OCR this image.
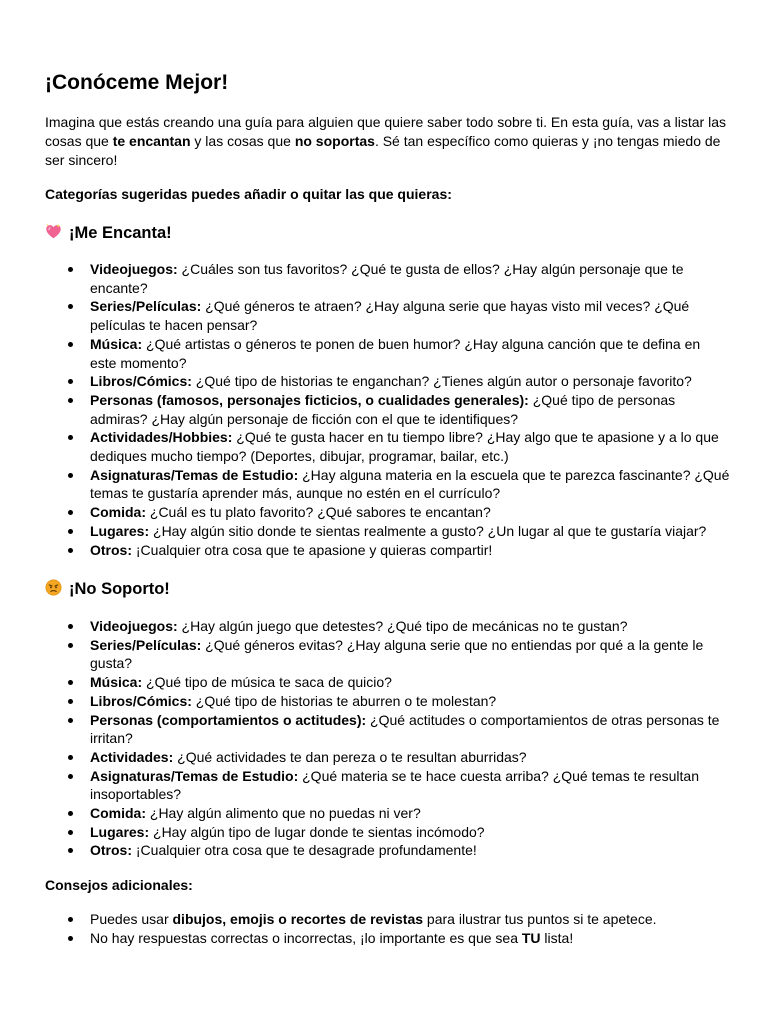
¡Conóceme Mejor!

Imagina que estás creando una guía para alguien que quiere saber todo sobre ti. En esta guía, vas a listar las cosas que te encantan y las cosas que no soportas. Sé tan específico como quieras y ¡no tengas miedo de ser sincero!

Categorías sugeridas puedes añadir o quitar las que quieras:

¡Me Encanta!
Videojuegos: ¿Cuáles son tus favoritos? ¿Qué te gusta de ellos? ¿Hay algún personaje que te encante?
Series/Películas: ¿Qué géneros te atraen? ¿Hay alguna serie que hayas visto mil veces? ¿Qué películas te hacen pensar?
Música: ¿Qué artistas o géneros te ponen de buen humor? ¿Hay alguna canción que te defina en este momento?
Libros/Cómics: ¿Qué tipo de historias te enganchan? ¿Tienes algún autor o personaje favorito?
Personas (famosos, personajes ficticios, o cualidades generales): ¿Qué tipo de personas admiras? ¿Hay algún personaje de ficción con el que te identifiques?
Actividades/Hobbies: ¿Qué te gusta hacer en tu tiempo libre? ¿Hay algo que te apasione y a lo que dediques mucho tiempo? (Deportes, dibujar, programar, bailar, etc.)
Asignaturas/Temas de Estudio: ¿Hay alguna materia en la escuela que te parezca fascinante? ¿Qué temas te gustaría aprender más, aunque no estén en el currículo?
Comida: ¿Cuál es tu plato favorito? ¿Qué sabores te encantan?
Lugares: ¿Hay algún sitio donde te sientas realmente a gusto? ¿Un lugar al que te gustaría viajar?
Otros: ¡Cualquier otra cosa que te apasione y quieras compartir!
¡No Soporto!
Videojuegos: ¿Hay algún juego que detestes? ¿Qué tipo de mecánicas no te gustan?
Series/Películas: ¿Qué géneros evitas? ¿Hay alguna serie que no entiendas por qué a la gente le gusta?
Música: ¿Qué tipo de música te saca de quicio?
Libros/Cómics: ¿Qué tipo de historias te aburren o te molestan?
Personas (comportamientos o actitudes): ¿Qué actitudes o comportamientos de otras personas te irritan?
Actividades: ¿Qué actividades te dan pereza o te resultan aburridas?
Asignaturas/Temas de Estudio: ¿Qué materia se te hace cuesta arriba? ¿Qué temas te resultan insoportables?
Comida: ¿Hay algún alimento que no puedas ni ver?
Lugares: ¿Hay algún tipo de lugar donde te sientas incómodo?
Otros: ¡Cualquier otra cosa que te desagrade profundamente!

Consejos adicionales:

Puedes usar dibujos, emojis o recortes de revistas para ilustrar tus puntos si te apetece.
No hay respuestas correctas o incorrectas, ¡lo importante es que sea TU lista!
